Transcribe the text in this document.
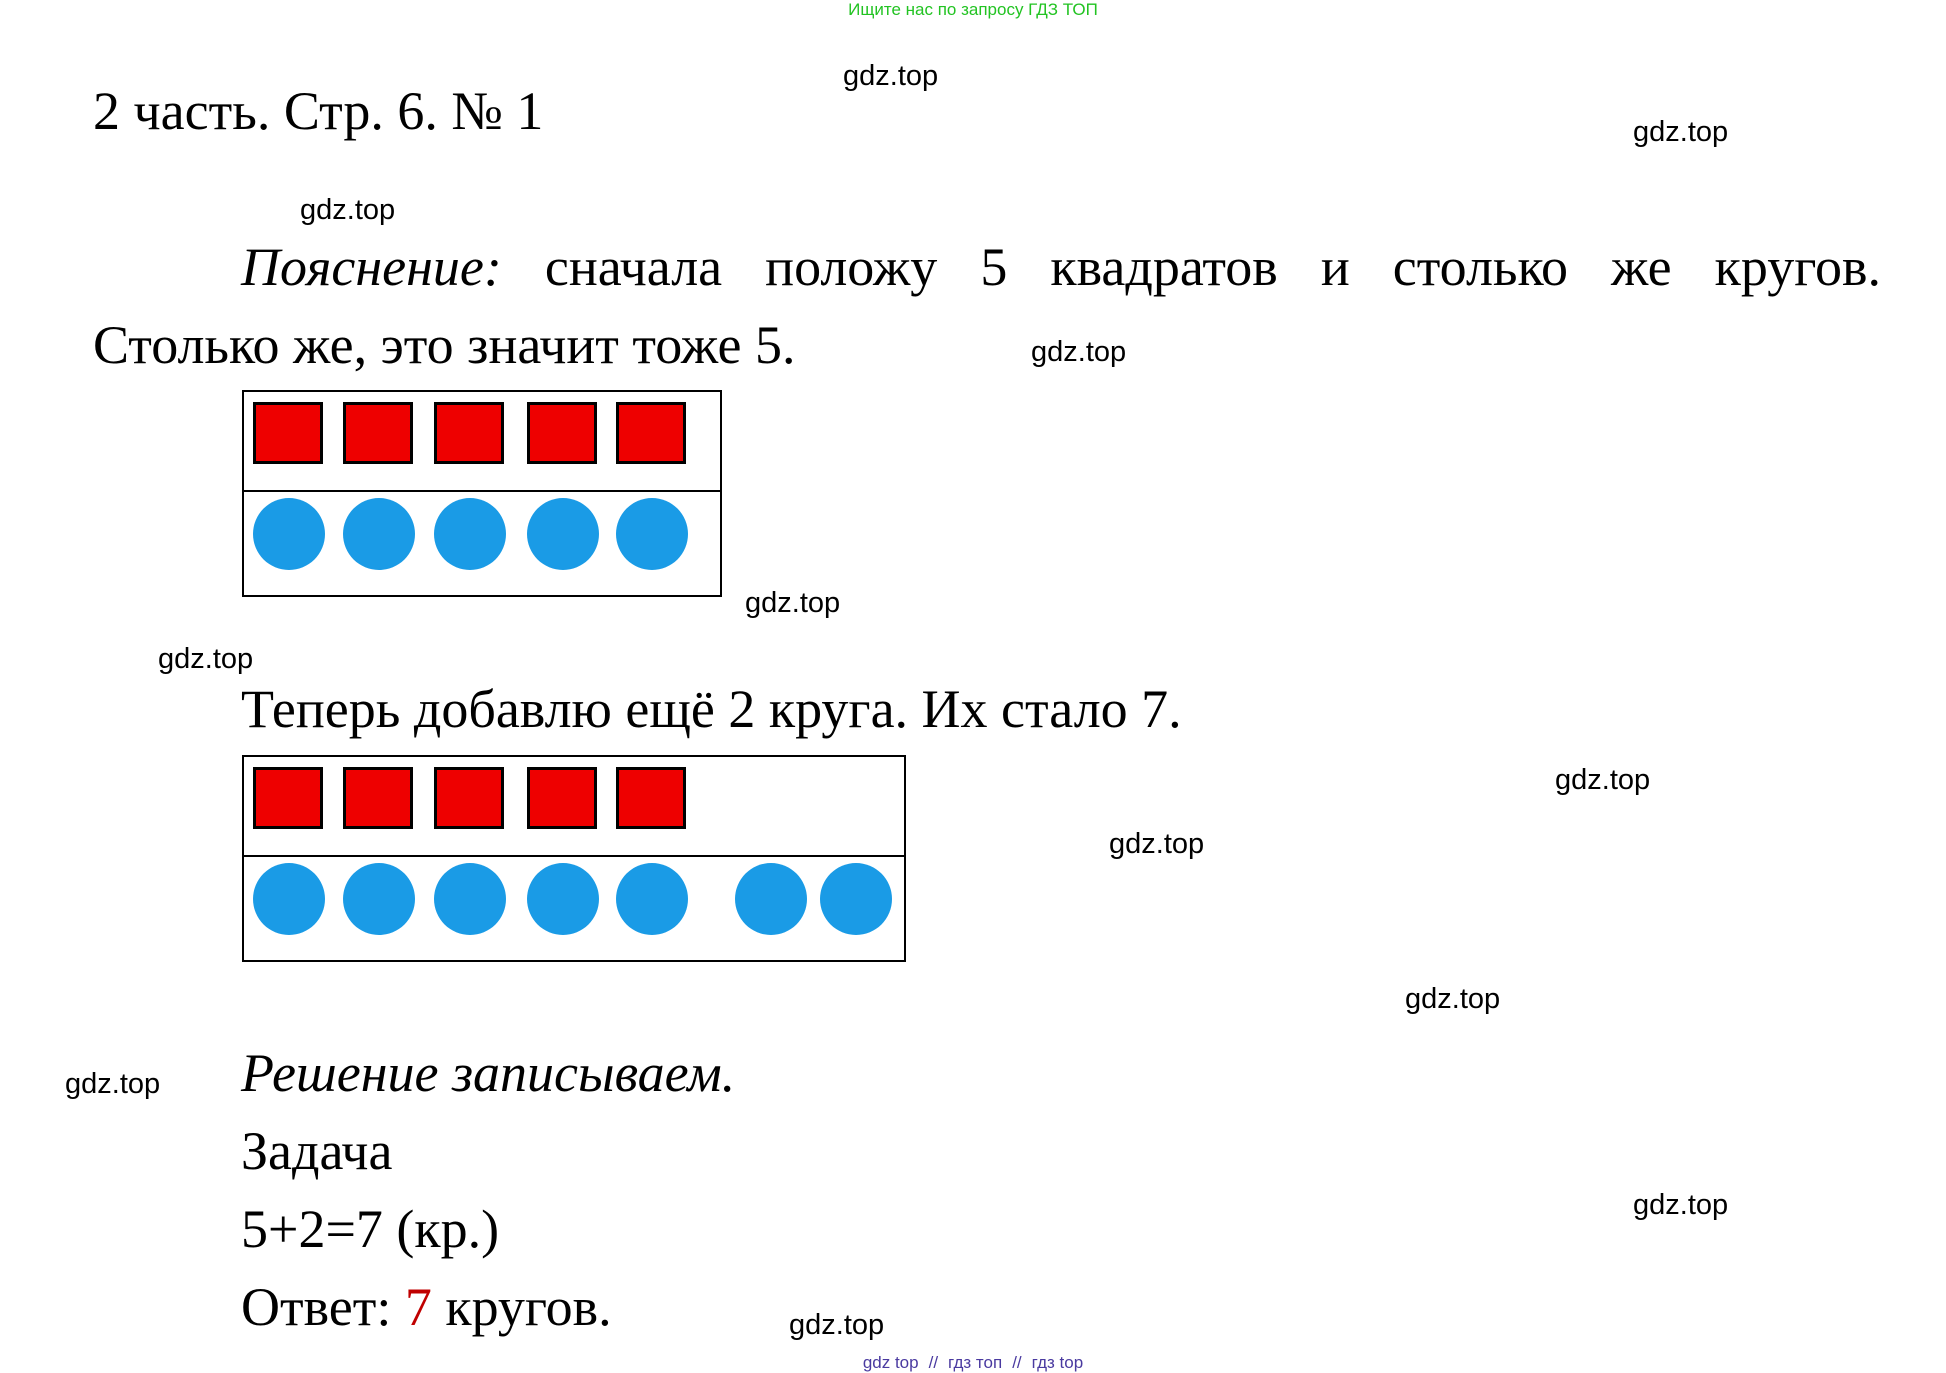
Ищите нас по запросу ГДЗ ТОП
gdz.top
gdz.top
gdz.top
gdz.top
gdz.top
gdz.top
gdz.top
gdz.top
gdz.top
gdz.top
gdz.top
gdz.top
2 часть. Стр. 6. № 1
Пояснение: сначала положу 5 квадратов и столько же кругов.
Столько же, это значит тоже 5.
Теперь добавлю ещё 2 круга. Их стало 7.
Решение записываем.
Задача
5+2=7 (кр.)
Ответ: 7 кругов.
gdz top // гдз топ // гдз top
